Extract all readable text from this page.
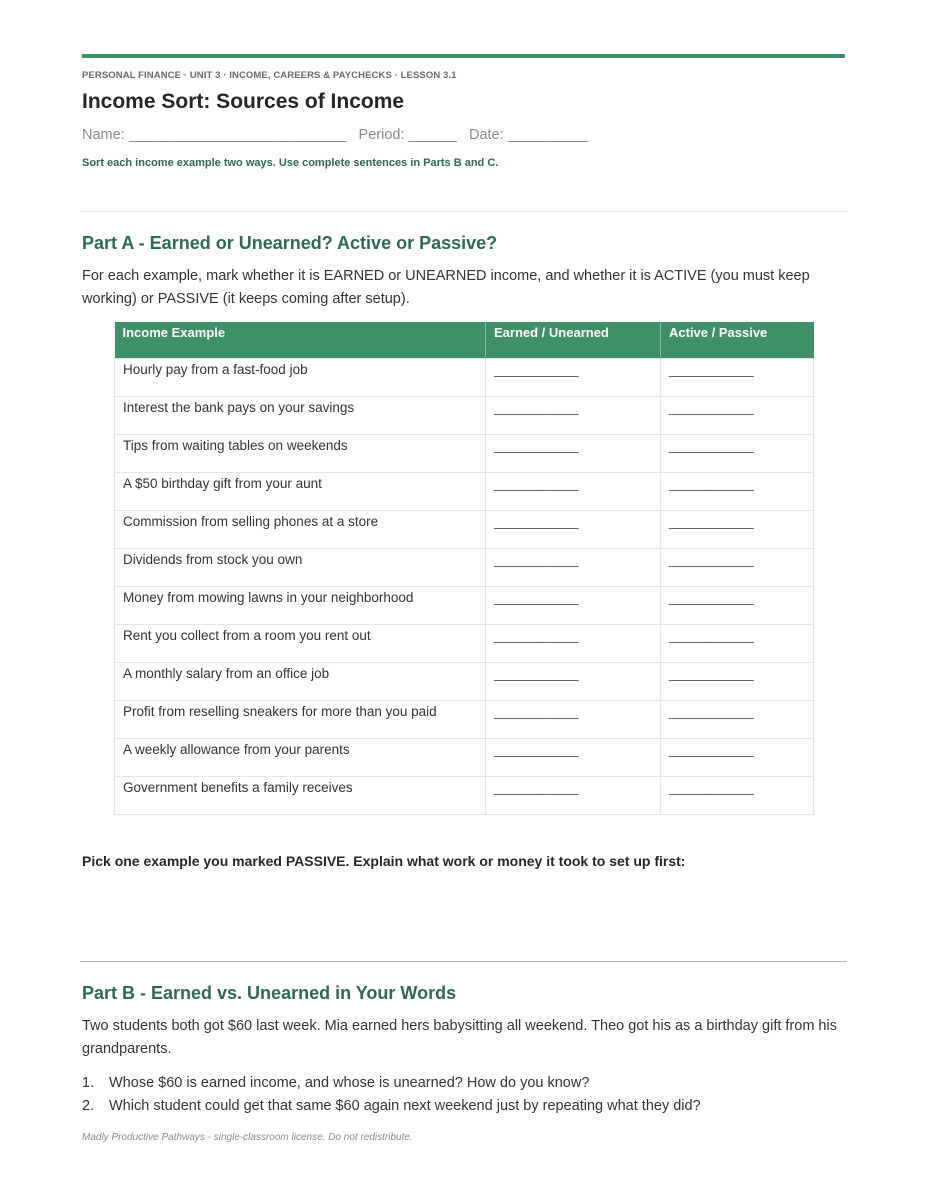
PERSONAL FINANCE · UNIT 3 · INCOME, CAREERS & PAYCHECKS · LESSON 3.1
Income Sort: Sources of Income
Name: ___________________________   Period: ______   Date: __________
Sort each income example two ways. Use complete sentences in Parts B and C.
Part A - Earned or Unearned? Active or Passive?

For each example, mark whether it is EARNED or UNEARNED income, and whether it is ACTIVE (you must keep working) or PASSIVE (it keeps coming after setup).

Income Example	Earned / Unearned	Active / Passive
Hourly pay from a fast-food job	____________	____________
Interest the bank pays on your savings	____________	____________
Tips from waiting tables on weekends	____________	____________
A $50 birthday gift from your aunt	____________	____________
Commission from selling phones at a store	____________	____________
Dividends from stock you own	____________	____________
Money from mowing lawns in your neighborhood	____________	____________
Rent you collect from a room you rent out	____________	____________
A monthly salary from an office job	____________	____________
Profit from reselling sneakers for more than you paid	____________	____________
A weekly allowance from your parents	____________	____________
Government benefits a family receives	____________	____________

Pick one example you marked PASSIVE. Explain what work or money it took to set up first:

Part B - Earned vs. Unearned in Your Words

Two students both got $60 last week. Mia earned hers babysitting all weekend. Theo got his as a birthday gift from his grandparents.

1.	Whose $60 is earned income, and whose is unearned? How do you know?
2.	Which student could get that same $60 again next weekend just by repeating what they did?
Madly Productive Pathways - single-classroom license. Do not redistribute.
